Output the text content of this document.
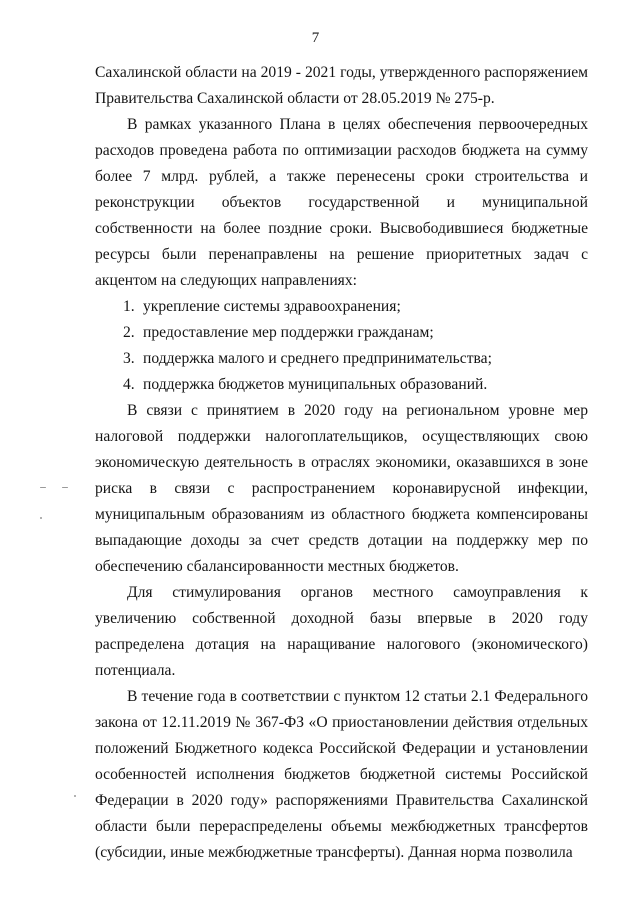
7

Сахалинской области на 2019 - 2021 годы, утвержденного распоряжением Правительства Сахалинской области от 28.05.2019 № 275-р.

В рамках указанного Плана в целях обеспечения первоочередных расходов проведена работа по оптимизации расходов бюджета на сумму более 7 млрд. рублей, а также перенесены сроки строительства и реконструкции объектов государственной и муниципальной собственности на более поздние сроки. Высвободившиеся бюджетные ресурсы были перенаправлены на решение приоритетных задач с акцентом на следующих направлениях:

1. укрепление системы здравоохранения;
2. предоставление мер поддержки гражданам;
3. поддержка малого и среднего предпринимательства;
4. поддержка бюджетов муниципальных образований.

В связи с принятием в 2020 году на региональном уровне мер налоговой поддержки налогоплательщиков, осуществляющих свою экономическую деятельность в отраслях экономики, оказавшихся в зоне риска в связи с распространением коронавирусной инфекции, муниципальным образованиям из областного бюджета компенсированы выпадающие доходы за счет средств дотации на поддержку мер по обеспечению сбалансированности местных бюджетов.

Для стимулирования органов местного самоуправления к увеличению собственной доходной базы впервые в 2020 году распределена дотация на наращивание налогового (экономического) потенциала.

В течение года в соответствии с пунктом 12 статьи 2.1 Федерального закона от 12.11.2019 № 367-ФЗ «О приостановлении действия отдельных положений Бюджетного кодекса Российской Федерации и установлении особенностей исполнения бюджетов бюджетной системы Российской Федерации в 2020 году» распоряжениями Правительства Сахалинской области были перераспределены объемы межбюджетных трансфертов (субсидии, иные межбюджетные трансферты). Данная норма позволила
